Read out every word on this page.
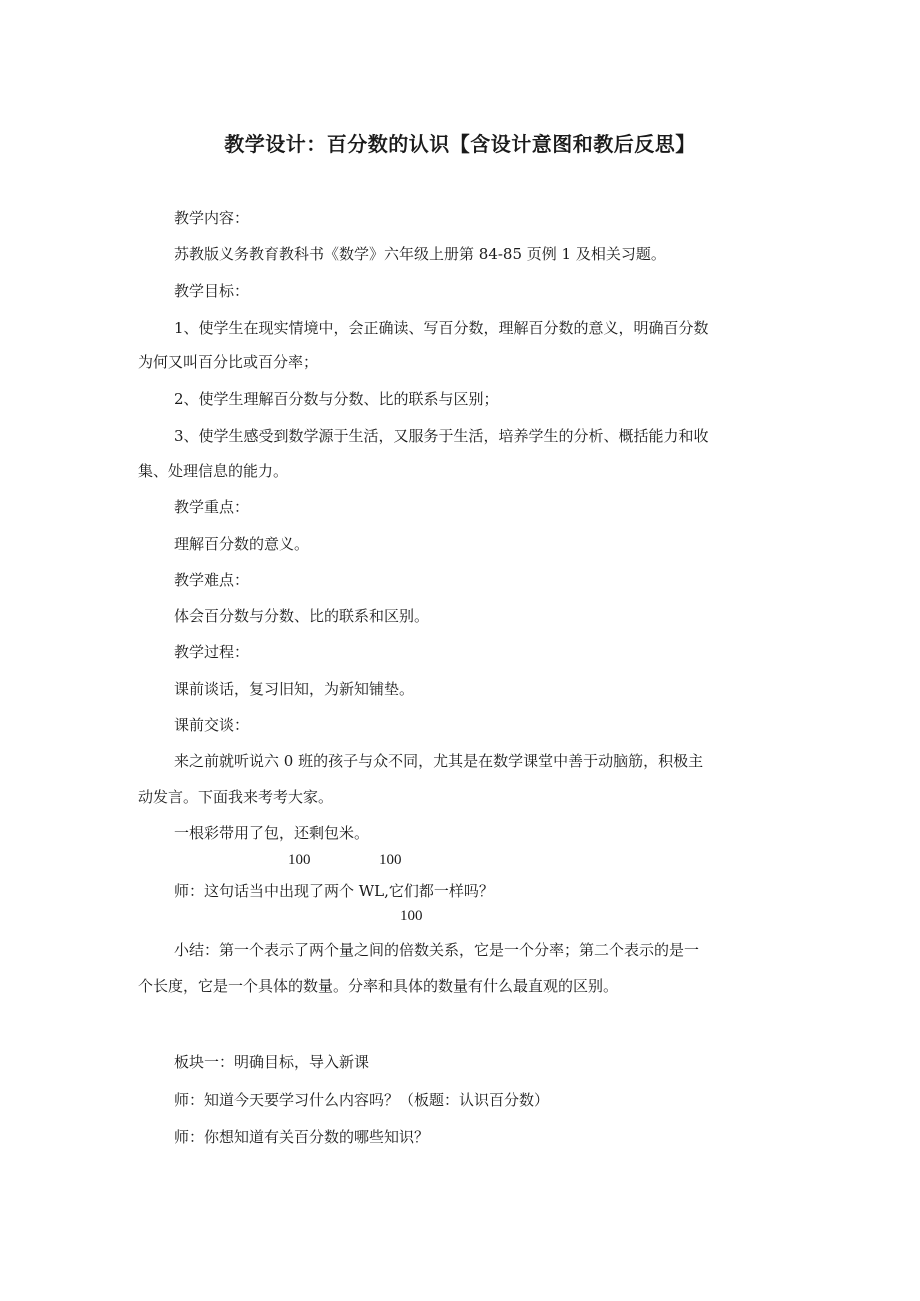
教学设计：百分数的认识【含设计意图和教后反思】

教学内容：

苏教版义务教育教科书《数学》六年级上册第 84-85 页例 1 及相关习题。

教学目标：

1、使学生在现实情境中，会正确读、写百分数，理解百分数的意义，明确百分数

为何又叫百分比或百分率；

2、使学生理解百分数与分数、比的联系与区别；

3、使学生感受到数学源于生活，又服务于生活，培养学生的分析、概括能力和收

集、处理信息的能力。

教学重点：

理解百分数的意义。

教学难点：

体会百分数与分数、比的联系和区别。

教学过程：

课前谈话，复习旧知，为新知铺垫。

课前交谈：

来之前就听说六 0 班的孩子与众不同，尤其是在数学课堂中善于动脑筋，积极主

动发言。下面我来考考大家。

一根彩带用了包，还剩包米。

100	100

师：这句话当中出现了两个 WL,它们都一样吗？

100

小结：第一个表示了两个量之间的倍数关系，它是一个分率；第二个表示的是一

个长度，它是一个具体的数量。分率和具体的数量有什么最直观的区别。

板块一：明确目标，导入新课

师：知道今天要学习什么内容吗？（板题：认识百分数）

师：你想知道有关百分数的哪些知识？
